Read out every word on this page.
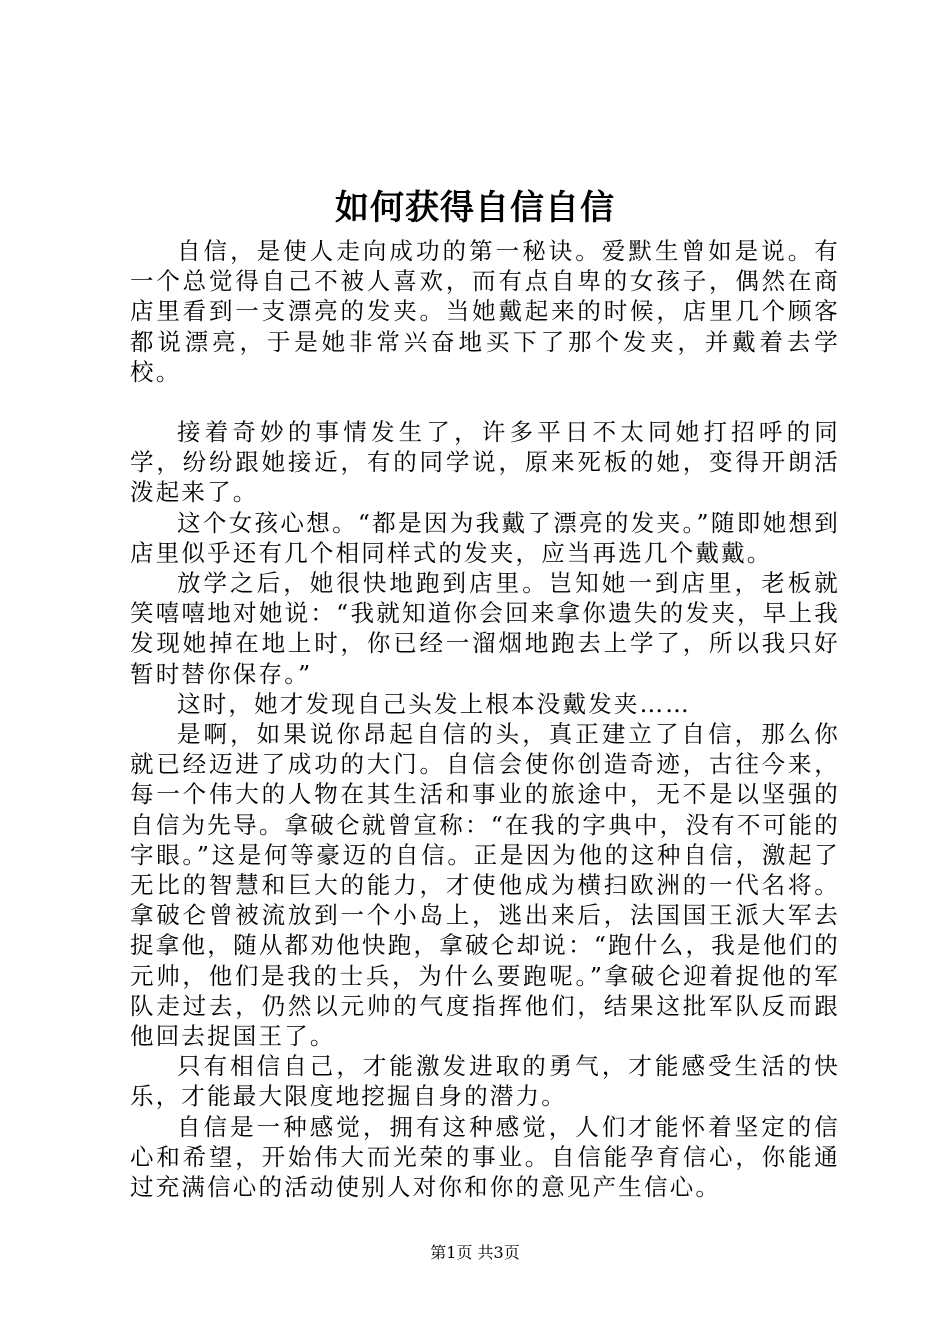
如何获得自信自信

自信，是使人走向成功的第一秘诀。爱默生曾如是说。有一个总觉得自己不被人喜欢，而有点自卑的女孩子，偶然在商店里看到一支漂亮的发夹。当她戴起来的时候，店里几个顾客都说漂亮，于是她非常兴奋地买下了那个发夹，并戴着去学校。

接着奇妙的事情发生了，许多平日不太同她打招呼的同学，纷纷跟她接近，有的同学说，原来死板的她，变得开朗活泼起来了。

这个女孩心想。“都是因为我戴了漂亮的发夹。”随即她想到店里似乎还有几个相同样式的发夹，应当再选几个戴戴。

放学之后，她很快地跑到店里。岂知她一到店里，老板就笑嘻嘻地对她说：“我就知道你会回来拿你遗失的发夹，早上我发现她掉在地上时，你已经一溜烟地跑去上学了，所以我只好暂时替你保存。”

这时，她才发现自己头发上根本没戴发夹……

是啊，如果说你昂起自信的头，真正建立了自信，那么你就已经迈进了成功的大门。自信会使你创造奇迹，古往今来，每一个伟大的人物在其生活和事业的旅途中，无不是以坚强的自信为先导。拿破仑就曾宣称：“在我的字典中，没有不可能的字眼。”这是何等豪迈的自信。正是因为他的这种自信，激起了无比的智慧和巨大的能力，才使他成为横扫欧洲的一代名将。拿破仑曾被流放到一个小岛上，逃出来后，法国国王派大军去捉拿他，随从都劝他快跑，拿破仑却说：“跑什么，我是他们的元帅，他们是我的士兵，为什么要跑呢。”拿破仑迎着捉他的军队走过去，仍然以元帅的气度指挥他们，结果这批军队反而跟他回去捉国王了。

只有相信自己，才能激发进取的勇气，才能感受生活的快乐，才能最大限度地挖掘自身的潜力。

自信是一种感觉，拥有这种感觉，人们才能怀着坚定的信心和希望，开始伟大而光荣的事业。自信能孕育信心，你能通过充满信心的活动使别人对你和你的意见产生信心。

第1页 共3页
